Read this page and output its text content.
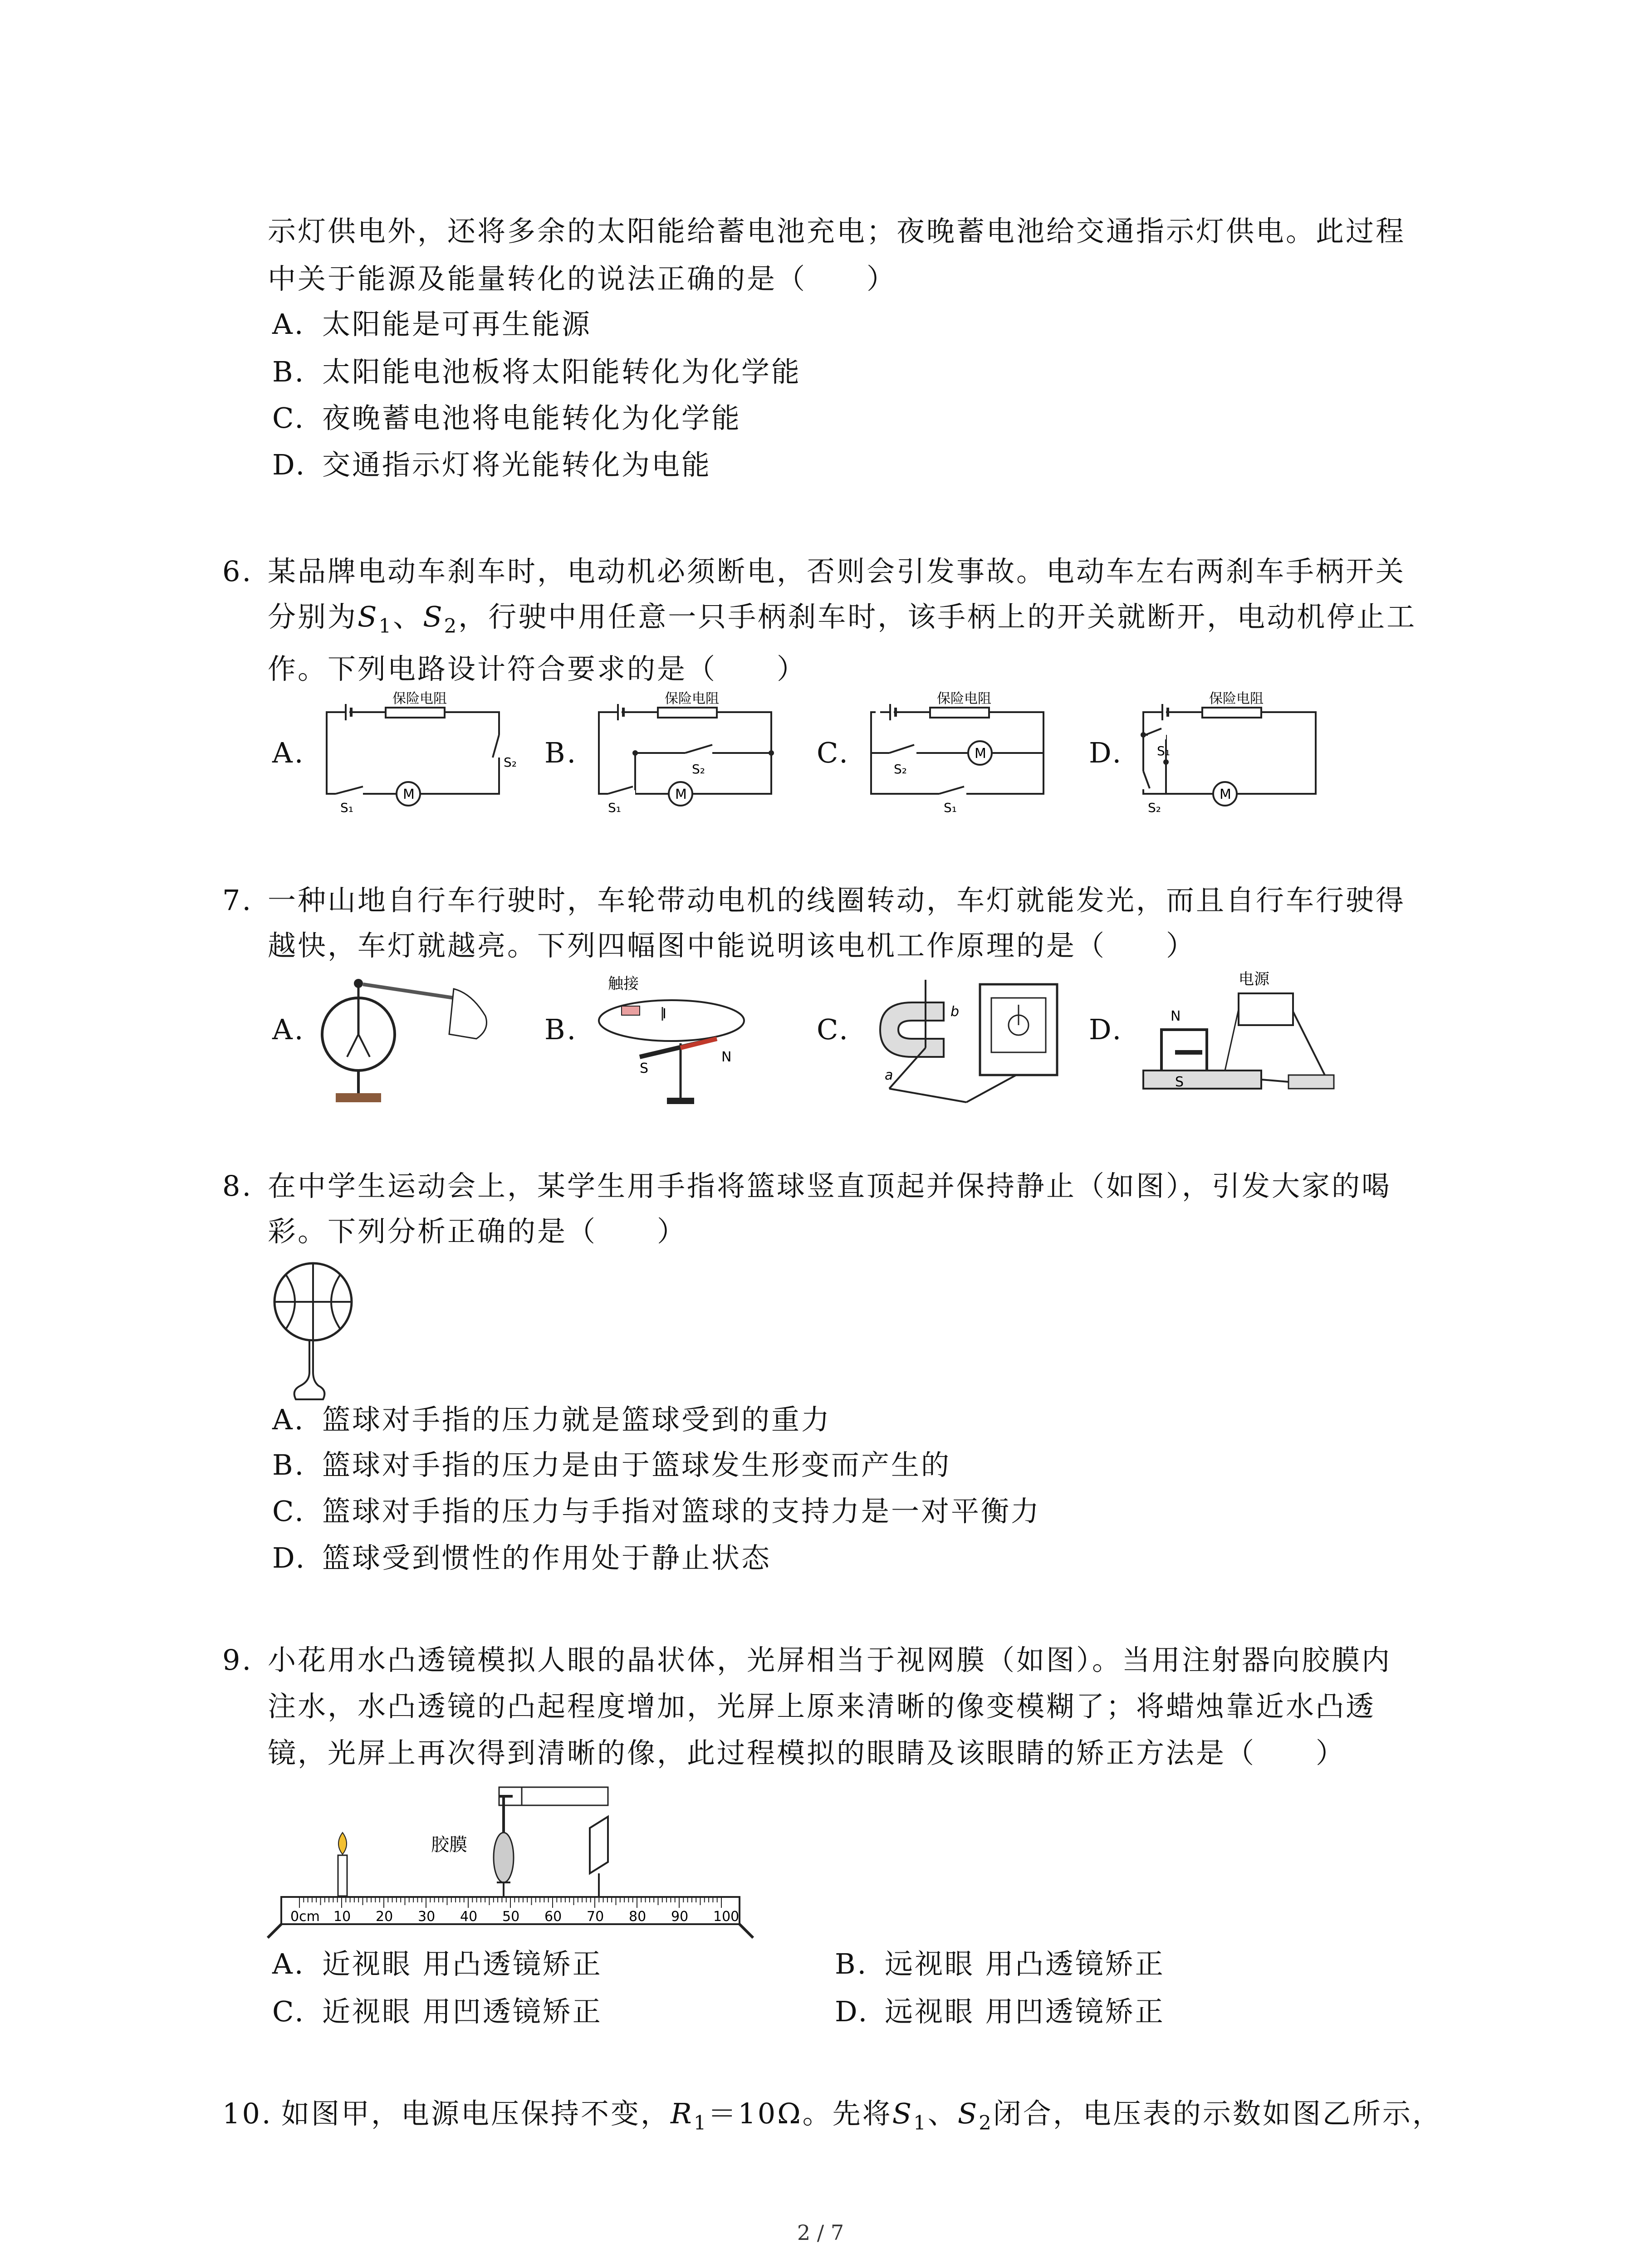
示灯供电外，还将多余的太阳能给蓄电池充电；夜晚蓄电池给交通指示灯供电。此过程
中关于能源及能量转化的说法正确的是（　　）
A. 太阳能是可再生能源
B. 太阳能电池板将太阳能转化为化学能
C. 夜晚蓄电池将电能转化为化学能
D. 交通指示灯将光能转化为电能
6. 某品牌电动车刹车时，电动机必须断电，否则会引发事故。电动车左右两刹车手柄开关
分别为$S_1$、$S_2$，行驶中用任意一只手柄刹车时，该手柄上的开关就断开，电动机停止工
作。下列电路设计符合要求的是（　　）
A.	B.	C.	D.
保险电阻
S₂
S₁
M
保险电阻
S₂
S₁
M
保险电阻
S₂
M
S₁
保险电阻
S₁
S₂
M
7. 一种山地自行车行驶时，车轮带动电机的线圈转动，车灯就能发光，而且自行车行驶得
越快，车灯就越亮。下列四幅图中能说明该电机工作原理的是（　　）
A.	B.	C.	D.
触接
I
S
N
a
b
电源
N
S
8. 在中学生运动会上，某学生用手指将篮球竖直顶起并保持静止（如图），引发大家的喝
彩。下列分析正确的是（　　）
A. 篮球对手指的压力就是篮球受到的重力
B. 篮球对手指的压力是由于篮球发生形变而产生的
C. 篮球对手指的压力与手指对篮球的支持力是一对平衡力
D. 篮球受到惯性的作用处于静止状态
9. 小花用水凸透镜模拟人眼的晶状体，光屏相当于视网膜（如图）。当用注射器向胶膜内
注水，水凸透镜的凸起程度增加，光屏上原来清晰的像变模糊了；将蜡烛靠近水凸透
镜，光屏上再次得到清晰的像，此过程模拟的眼睛及该眼睛的矫正方法是（　　）
胶膜
0cm 10 20 30 40 50 60 70 80 90 100
A. 近视眼 用凸透镜矫正	B. 远视眼 用凸透镜矫正
C. 近视眼 用凹透镜矫正	D. 远视眼 用凹透镜矫正
10. 如图甲，电源电压保持不变，$R_1=10\Omega$。先将$S_1$、$S_2$闭合，电压表的示数如图乙所示，
2 / 7
